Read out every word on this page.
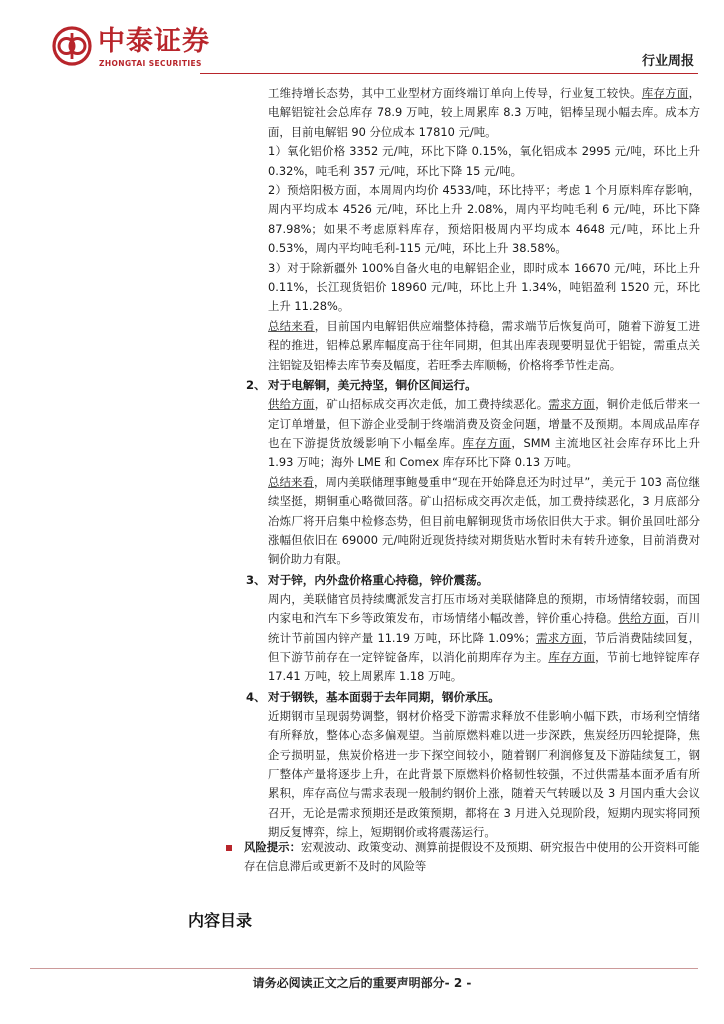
中泰证券
ZHONGTAI SECURITIES	行业周报

工维持增长态势，其中工业型材方面终端订单向上传导，行业复工较快。库存方面，电解铝锭社会总库存 78.9 万吨，较上周累库 8.3 万吨，铝棒呈现小幅去库。成本方面，目前电解铝 90 分位成本 17810 元/吨。

1）氧化铝价格 3352 元/吨，环比下降 0.15%，氧化铝成本 2995 元/吨，环比上升 0.32%，吨毛利 357 元/吨，环比下降 15 元/吨。

2）预焙阳极方面，本周周内均价 4533/吨，环比持平；考虑 1 个月原料库存影响，周内平均成本 4526 元/吨，环比上升 2.08%，周内平均吨毛利 6 元/吨，环比下降 87.98%；如果不考虑原料库存，预焙阳极周内平均成本 4648 元/吨，环比上升 0.53%，周内平均吨毛利-115 元/吨，环比上升 38.58%。

3）对于除新疆外 100%自备火电的电解铝企业，即时成本 16670 元/吨，环比上升 0.11%，长江现货铝价 18960 元/吨，环比上升 1.34%，吨铝盈利 1520 元，环比上升 11.28%。

总结来看，目前国内电解铝供应端整体持稳，需求端节后恢复尚可，随着下游复工进程的推进，铝棒总累库幅度高于往年同期，但其出库表现要明显优于铝锭，需重点关注铝锭及铝棒去库节奏及幅度，若旺季去库顺畅，价格将季节性走高。

2、 对于电解铜，美元持坚，铜价区间运行。

供给方面，矿山招标成交再次走低，加工费持续恶化。需求方面，铜价走低后带来一定订单增量，但下游企业受制于终端消费及资金问题，增量不及预期。本周成品库存也在下游提货放缓影响下小幅垒库。库存方面，SMM 主流地区社会库存环比上升 1.93 万吨；海外 LME 和 Comex 库存环比下降 0.13 万吨。

总结来看，周内美联储理事鲍曼重申“现在开始降息还为时过早”，美元于 103 高位继续坚挺，期铜重心略微回落。矿山招标成交再次走低，加工费持续恶化，3 月底部分冶炼厂将开启集中检修态势，但目前电解铜现货市场依旧供大于求。铜价虽回吐部分涨幅但依旧在 69000 元/吨附近现货持续对期货贴水暂时未有转升迹象，目前消费对铜价助力有限。

3、 对于锌，内外盘价格重心持稳，锌价震荡。

周内，美联储官员持续鹰派发言打压市场对美联储降息的预期，市场情绪较弱，而国内家电和汽车下乡等政策发布，市场情绪小幅改善，锌价重心持稳。供给方面，百川统计节前国内锌产量 11.19 万吨，环比降 1.09%；需求方面，节后消费陆续回复，但下游节前存在一定锌锭备库，以消化前期库存为主。库存方面，节前七地锌锭库存 17.41 万吨，较上周累库 1.18 万吨。

4、 对于钢铁，基本面弱于去年同期，钢价承压。

近期钢市呈现弱势调整，钢材价格受下游需求释放不佳影响小幅下跌，市场利空情绪有所释放，整体心态多偏观望。当前原燃料难以进一步深跌，焦炭经历四轮提降，焦企亏损明显，焦炭价格进一步下探空间较小，随着钢厂利润修复及下游陆续复工，钢厂整体产量将逐步上升，在此背景下原燃料价格韧性较强，不过供需基本面矛盾有所累积，库存高位与需求表现一般制约钢价上涨，随着天气转暖以及 3 月国内重大会议召开，无论是需求预期还是政策预期，都将在 3 月进入兑现阶段，短期内现实将同预期反复博弈，综上，短期钢价或将震荡运行。

风险提示：宏观波动、政策变动、测算前提假设不及预期、研究报告中使用的公开资料可能存在信息滞后或更新不及时的风险等
内容目录
请务必阅读正文之后的重要声明部分- 2 -
